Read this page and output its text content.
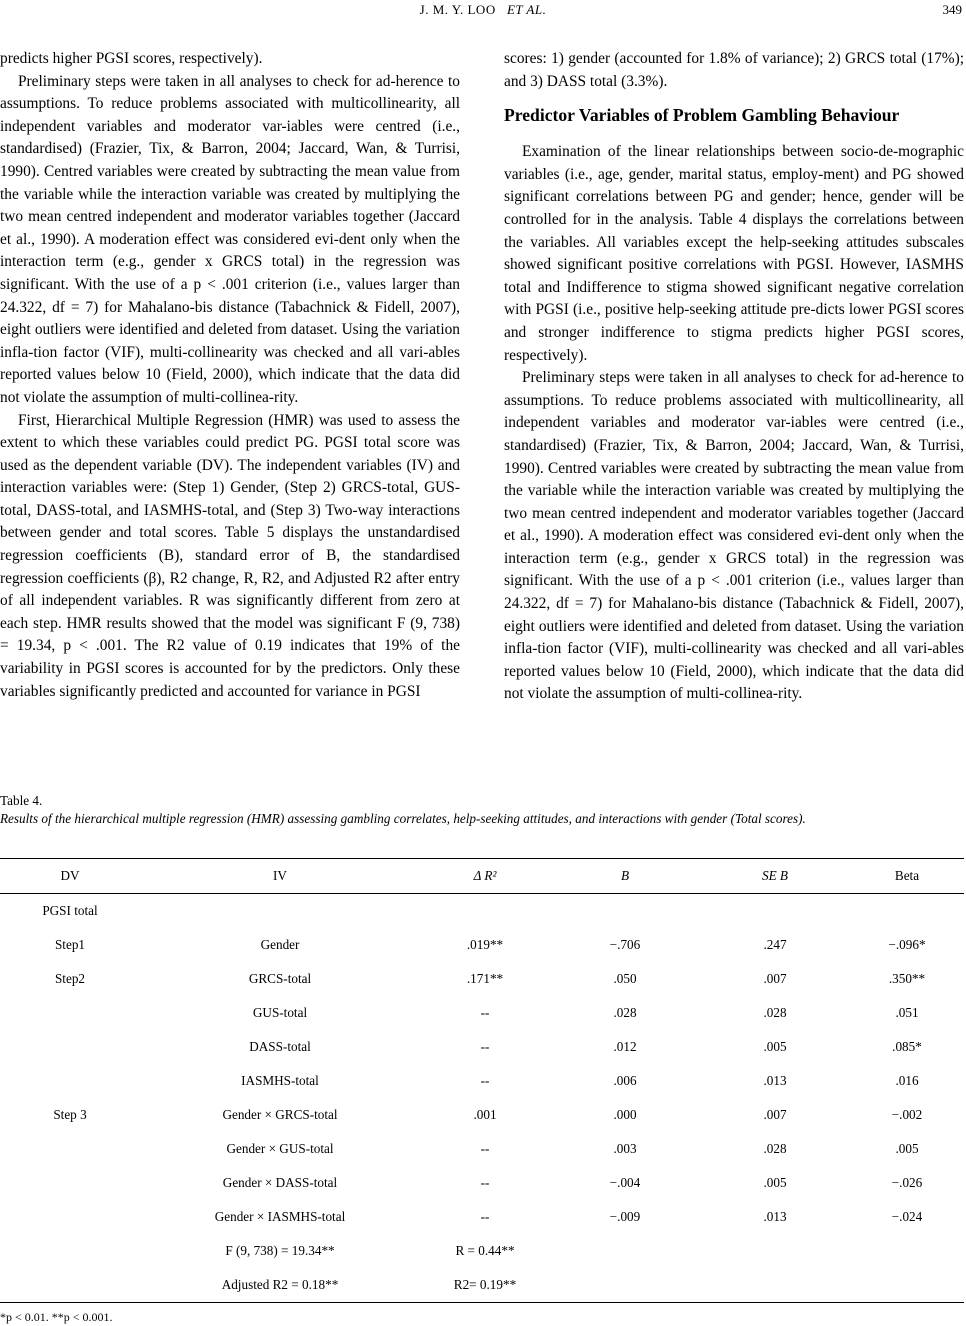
J. M. Y. LOO ET AL.	349

predicts higher PGSI scores, respectively).

Preliminary steps were taken in all analyses to check for ad-herence to assumptions. To reduce problems associated with multicollinearity, all independent variables and moderator var-iables were centred (i.e., standardised) (Frazier, Tix, & Barron, 2004; Jaccard, Wan, & Turrisi, 1990). Centred variables were created by subtracting the mean value from the variable while the interaction variable was created by multiplying the two mean centred independent and moderator variables together (Jaccard et al., 1990). A moderation effect was considered evi-dent only when the interaction term (e.g., gender x GRCS total) in the regression was significant. With the use of a p < .001 criterion (i.e., values larger than 24.322, df = 7) for Mahalano-bis distance (Tabachnick & Fidell, 2007), eight outliers were identified and deleted from dataset. Using the variation infla-tion factor (VIF), multi-collinearity was checked and all vari-ables reported values below 10 (Field, 2000), which indicate that the data did not violate the assumption of multi-collinea-rity.

First, Hierarchical Multiple Regression (HMR) was used to assess the extent to which these variables could predict PG. PGSI total score was used as the dependent variable (DV). The independent variables (IV) and interaction variables were: (Step 1) Gender, (Step 2) GRCS-total, GUS-total, DASS-total, and IASMHS-total, and (Step 3) Two-way interactions between gender and total scores. Table 5 displays the unstandardised regression coefficients (B), standard error of B, the standardised regression coefficients (β), R2 change, R, R2, and Adjusted R2 after entry of all independent variables. R was significantly different from zero at each step. HMR results showed that the model was significant F (9, 738) = 19.34, p < .001. The R2 value of 0.19 indicates that 19% of the variability in PGSI scores is accounted for by the predictors. Only these variables significantly predicted and accounted for variance in PGSI

scores: 1) gender (accounted for 1.8% of variance); 2) GRCS total (17%); and 3) DASS total (3.3%).

Predictor Variables of Problem Gambling Behaviour

Examination of the linear relationships between socio-de-mographic variables (i.e., age, gender, marital status, employ-ment) and PG showed significant correlations between PG and gender; hence, gender will be controlled for in the analysis. Table 4 displays the correlations between the variables. All variables except the help-seeking attitudes subscales showed significant positive correlations with PGSI. However, IASMHS total and Indifference to stigma showed significant negative correlation with PGSI (i.e., positive help-seeking attitude pre-dicts lower PGSI scores and stronger indifference to stigma predicts higher PGSI scores, respectively).

Preliminary steps were taken in all analyses to check for ad-herence to assumptions. To reduce problems associated with multicollinearity, all independent variables and moderator var-iables were centred (i.e., standardised) (Frazier, Tix, & Barron, 2004; Jaccard, Wan, & Turrisi, 1990). Centred variables were created by subtracting the mean value from the variable while the interaction variable was created by multiplying the two mean centred independent and moderator variables together (Jaccard et al., 1990). A moderation effect was considered evi-dent only when the interaction term (e.g., gender x GRCS total) in the regression was significant. With the use of a p < .001 criterion (i.e., values larger than 24.322, df = 7) for Mahalano-bis distance (Tabachnick & Fidell, 2007), eight outliers were identified and deleted from dataset. Using the variation infla-tion factor (VIF), multi-collinearity was checked and all vari-ables reported values below 10 (Field, 2000), which indicate that the data did not violate the assumption of multi-collinea-rity.

Table 4.
Results of the hierarchical multiple regression (HMR) assessing gambling correlates, help-seeking attitudes, and interactions with gender (Total scores).
DV	IV	Δ R²	B	SE B	Beta
PGSI total					
Step1	Gender	.019**	−.706	.247	−.096*
Step2	GRCS-total	.171**	.050	.007	.350**
	GUS-total	--	.028	.028	.051
	DASS-total	--	.012	.005	.085*
	IASMHS-total	--	.006	.013	.016
Step 3	Gender × GRCS-total	.001	.000	.007	−.002
	Gender × GUS-total	--	.003	.028	.005
	Gender × DASS-total	--	−.004	.005	−.026
	Gender × IASMHS-total	--	−.009	.013	−.024
	F (9, 738) = 19.34**	R = 0.44**			
	Adjusted R2 = 0.18**	R2= 0.19**			
*p < 0.01. **p < 0.001.
